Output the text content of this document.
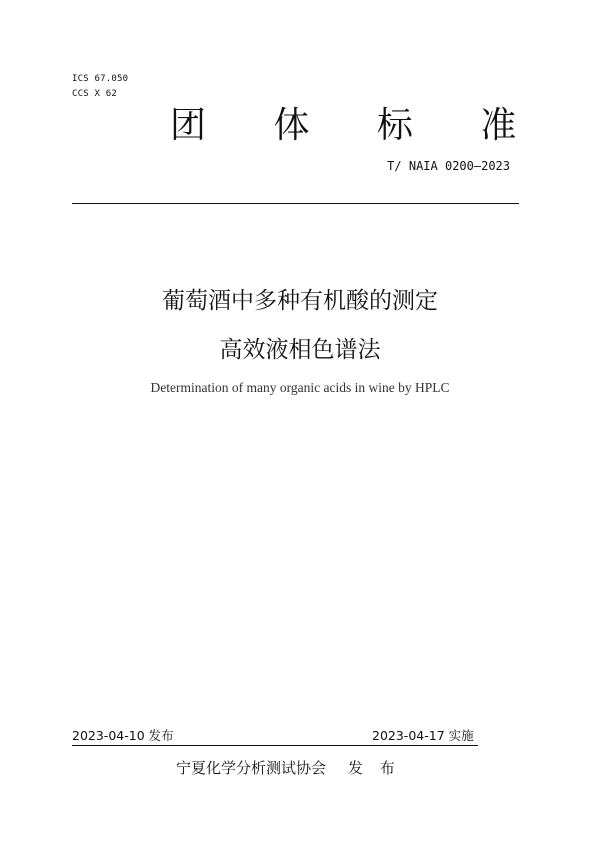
ICS 67.050
CCS X 62
团 体 标 准
T/ NAIA 0200—2023
葡萄酒中多种有机酸的测定
高效液相色谱法
Determination of many organic acids in wine by HPLC
2023-04-10 发布	2023-04-17 实施
宁夏化学分析测试协会 发 布
